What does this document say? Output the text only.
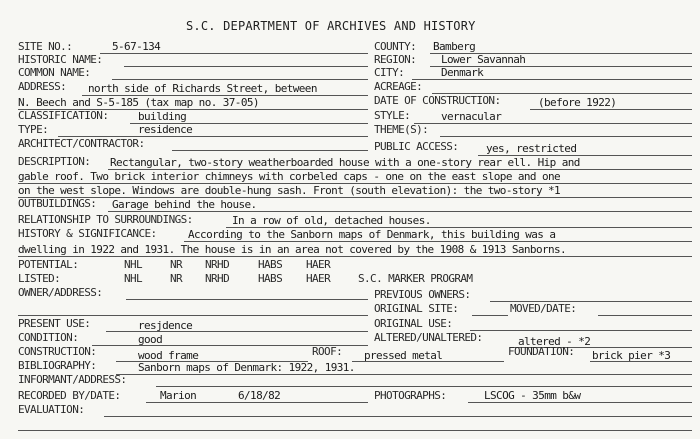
S.C. DEPARTMENT OF ARCHIVES AND HISTORY
SITE NO.:	5-67-134	COUNTY: Bamberg
HISTORIC NAME:	REGION: Lower Savannah
COMMON NAME:	CITY:	Denmark
ADDRESS: north side of Richards Street, between	ACREAGE:
N. Beech and S-5-185 (tax map no. 37-05)	DATE OF CONSTRUCTION:	(before 1922)
CLASSIFICATION:	building	STYLE:	vernacular
TYPE:	residence	THEME(S):
ARCHITECT/CONTRACTOR:	PUBLIC ACCESS:	yes, restricted
DESCRIPTION: Rectangular, two-story weatherboarded house with a one-story rear ell. Hip and
gable roof. Two brick interior chimneys with corbeled caps - one on the east slope and one
on the west slope. Windows are double-hung sash. Front (south elevation): the two-story *1
OUTBUILDINGS: Garage behind the house.
RELATIONSHIP TO SURROUNDINGS:	In a row of old, detached houses.
HISTORY & SIGNIFICANCE:	According to the Sanborn maps of Denmark, this building was a
dwelling in 1922 and 1931. The house is in an area not covered by the 1908 & 1913 Sanborns.
POTENTIAL:	NHL	NR NRHD	HABS HAER
LISTED:	NHL	NR NRHD	HABS HAER	S.C. MARKER PROGRAM
OWNER/ADDRESS:	PREVIOUS OWNERS:
ORIGINAL SITE:	MOVED/DATE:
PRESENT USE:	resjdence	ORIGINAL USE:
CONDITION:	good	ALTERED/UNALTERED:	altered - *2
CONSTRUCTION:	wood frame	ROOF: pressed metal	FOUNDATION: brick pier *3
BIBLIOGRAPHY:	Sanborn maps of Denmark: 1922, 1931.
INFORMANT/ADDRESS:
RECORDED BY/DATE:	Marion	6/18/82	PHOTOGRAPHS:	LSCOG - 35mm b&w
EVALUATION:
